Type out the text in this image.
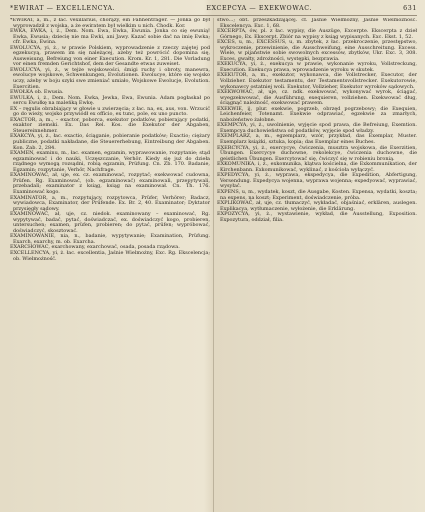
*EWIRAT — EXCELLENCYA.	EXCEPCYA — EXEKWOWAC.	631

*EWIRAT, a, m., z łac. vexillarius, chorąży, ein Fahnenträger. — Jonka go był wyprowadził z wojska, a że ewiratem był wielkim u nich. Chodk. Kor.

EWKA, EWKA, i, ż., Dem. Nom. Ewa, Ewka, Ewunia. Jonka co się ewunią! Ewka, Ewusia; dziecię nie ma Ewki, ani Jawy. Kazać sobie dać na imię Ewka; cfr. Ewka, Ewina.

EWOLUCYA, yi, ż., w prawie Polskiem, wyprowadzenie z rzeczy zajętej pod egzekucyą, prawem im się należącej, ażeby też powrócić dopomina się, Ausweisung, Befreiung von einer Execution. Krom. Kr. 1, 281. Die Vorladung vor einen fremden Gerichtshof, dem der Gesandte etwas zuweiset.

EWOLUCYA, yi, ż., w tejże wojskowości, śmigi ruchy i obroty, manewra, ewolucye wojskowe, Schwenkungen, Evolutionen. Ewolucye, które się wojsko uczy, ażeby w boju szyki swe zmieniać umiało, Wojskowe Ewolucje, Evolution. Exercitien.

EWOŁKA ob. Ewusia.

EWULKA, i, ż., Dem. Nom. Ewka, Jewka, Ewa, Ewunia. Adam pogłaskał po sercu Ewułkę na maleńką Ewkę.

EX – ręgulis obrabiający w głowie u zwierzęcia; z łac. na, ex, aus, von. Wrzucić go do wieży, wojsko przywiódł ex officio, ex tunc, pole, ex uno puncto.

EXACTOR, a, m., – exactor, poborca, exekutor podatków, pobierający podatki, exaktor ziemski. Ex. Das Rel. Kos. die Exekutor der Abgaben, Steuereinnehmer.

EXAKCYA, yi, ż., łac. exactio, ściąganie, pobieranie podatków; Exactio; ciężary publiczne, podatki nakładane, die Steuererhebung, Eintreibung der Abgaben. Kon. Zab. 2, 284.

EXAMEN, examinu, m., łac. examen, egzamin, wyprawowanie, rozpytanie; stąd egzaminować i do nauki, Uczęszczanie, Verhör. Kiedy się już do dzieła rządnego wymogą rozsądni, robią egzamin, Prüfung. Cn. Zb. 170. Badanie, Egzamin; rozpytanie, Verhör, Nachfrage.

EXAMINOWAĆ, ał, uje, ex. cz. examinować, rozpytać; exekwować cudowna, Prüfen. Rg. Examinować, (ob. egzaminować) examinowali, przepytywali, przebadali; examinator z ksiąg, ksiąg na examinował. Cn. Th. 176. Examinować kogo.

EXAMINATOR, a, m., rozpytujący, rozpytowca, Prüfer, Verhörer; Badacz, wywiadowca, Examinator, der Prüfende. Ex. Br. 2, 40. Examinator; Dyktator przysięgły sądowy.

EXAMINOWAĆ, ał, uje, cz. niedok. examinowany – examinować, Rg. wypytywać, badać, pytać, doświadczać, ex. doświadczyć kogo, probieren, untersuchen; examen, prüfen, probieren; do pytać, prüfen; wypróbować, doświadczyć, skosztować.

EXAMINOWANIE, nia, n., badanie, wypytywanie; Examination, Prüfung. Exarch, exarchy, m. ob. Exarcha.

EXARCHOWAC, exarchowany, exarchować, osada, posada rządowa.

EXCELLENCYA, yi, ż. łac. excellentia, Jaśnie Wielmożny, Exc. Rg. Ekscelencja; ob. Wielmożność.

stwo...; obt. przeszkadzającej. cf. Jaśnie Wielmożny, Jaśnie Wielmożność. Ekscelencya. Exc. 1, 68.

EXCERPTA, ów, pl. z łac. wypisy, die Auszüge, Excerpte. Ekscerpta z dzieł Górnego, Ex. Ekscerpt. Zbiór na wypisy z ksiąg wypisanych. Exc. Ekst. 1, 52.

EXCES, u, m., EXCESSUS, u, m. zbytek, z łac. przekroczenie, przestępstwo, wykroczenie, przewinienie, die Ausschweifung, eine Ausschreitung. Excess. Wiele, w pijaństwie sobie swowolnych excessów, zbytków, Ukr. Exc. 3, 308. Exces, gwałty, zdrożności, występki, bezprawia.

EXEKUCYA, yi, ż., exekucya w prawie, wykonanie wyroku, Vollstreckung, Execution. Exekucya prawa, wprowadzenie wyroku w skutek.

EXEKUTOR, a, m., exekutor, wykonawca, die Vollstrecker, Executor, der Vollzieher. Exekutor testamentu, der Testamentsvollstrecker. Exekutorowie, wykonawcy ostatniej woli. Exekutor, Vollzieher, Exekutor wyroków sądowych.

EXEKWOWAĆ, ał, uje, cz. ndk. exekwować, wykonywać wyrok, ściągać, wyegzekwować, die Ausführung, exequieren, vollziehen. Exekwować dług, ściągnąć należność, exekwować prawem.

EXEKWIE, ij, plur. exekwie, pogrzeb, obrzęd pogrzebowy; die Exequien, Leichenfeier, Totenamt. Exekwie odprawiać, egzekwie za zmarłych, nabożeństwo żałobne.

EXEMPCYA, yi, ż., uwolnienie, wyjęcie spod prawa, die Befreiung, Exemtion. Exempcya duchowieństwa od podatków, wyjęcie spod władzy.

EXEMPLARZ, a, m., egzemplarz, wzór, przykład, das Exemplar, Muster. Exemplarz książki, sztuka, kopia; das Exemplar eines Buches.

EXERCYCYA, yi, ż., exercycye, ćwiczenia, musztra wojskowa, die Exerzitien, Übungen. Exercycye duchowne, rekolekcye, ćwiczenia duchowne, die geistlichen Übungen. Exercytować się, ćwiczyć się w robieniu bronią.

EXKOMUNIKA, i, ż., exkomunika, klątwa kościelna, die Exkommunikation, der Kirchenbann. Exkomunikować, wyklinać, z kościoła wyłączyć.

EXPEDYCYA, yi, ż., wyprawa, ekspedycya, die Expedition, Abfertigung, Versendung. Expedycya wojenna, wyprawa wojenna; expedyować, wyprawiać, wysyłać.

EXPENS, u, m., wydatek, koszt, die Ausgabe, Kosten. Expensa, wydatki, koszta; na expens, na koszt; Experiment, doświadczenie, próba.

EXPLIKOWAĆ, ał, uje, cz. tłumaczyć, wykładać, objaśniać, erklären, auslegen. Explikacya, wytłumaczenie, wyłożenie, die Erklärung.

EXPOZYCYA, yi, ż., wystawienie, wykład, die Ausstellung, Exposition. Expozytura, oddział, filia.
